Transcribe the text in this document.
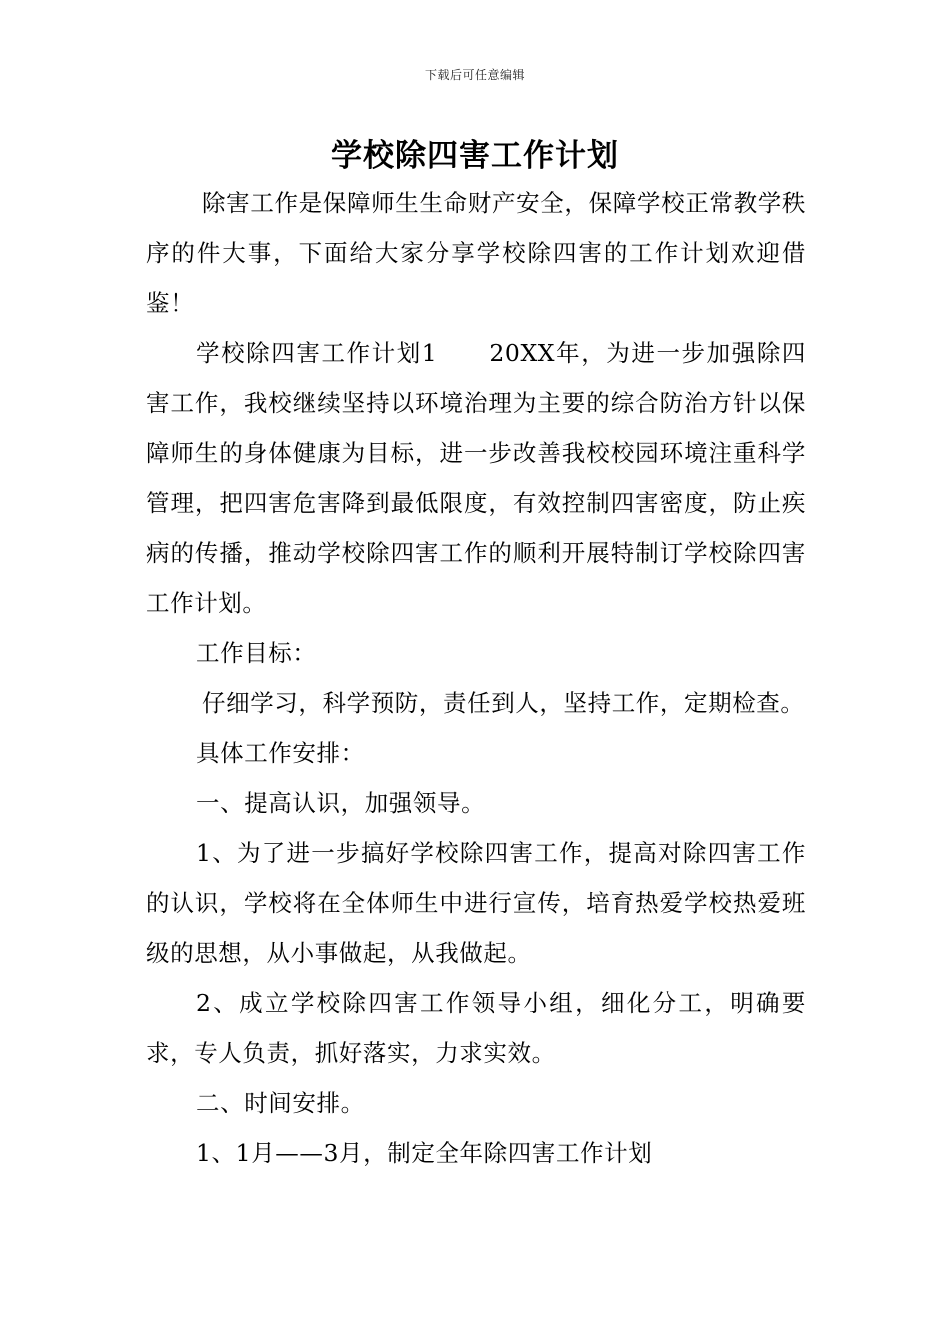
下载后可任意编辑
学校除四害工作计划

除害工作是保障师生生命财产安全，保障学校正常教学秩序的件大事，下面给大家分享学校除四害的工作计划欢迎借鉴！

学校除四害工作计划1 20XX年，为进一步加强除四害工作，我校继续坚持以环境治理为主要的综合防治方针以保障师生的身体健康为目标，进一步改善我校校园环境注重科学管理，把四害危害降到最低限度，有效控制四害密度，防止疾病的传播，推动学校除四害工作的顺利开展特制订学校除四害工作计划。

工作目标：

仔细学习，科学预防，责任到人，坚持工作，定期检查。

具体工作安排：

一、提高认识，加强领导。

1、为了进一步搞好学校除四害工作，提高对除四害工作的认识，学校将在全体师生中进行宣传，培育热爱学校热爱班级的思想，从小事做起，从我做起。

2、成立学校除四害工作领导小组，细化分工，明确要求，专人负责，抓好落实，力求实效。

二、时间安排。

1、1月——3月，制定全年除四害工作计划
